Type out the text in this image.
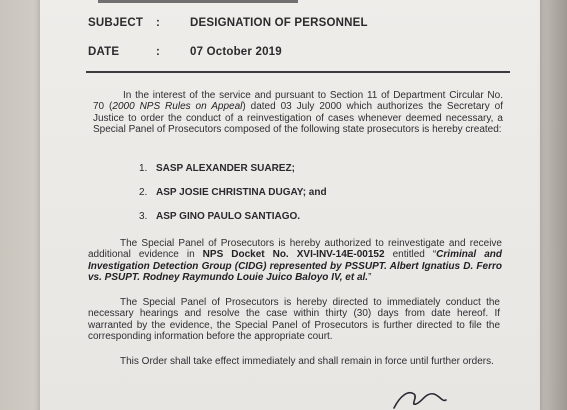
SUBJECT :	DESIGNATION OF PERSONNEL
DATE	:	07 October 2019
In the interest of the service and pursuant to Section 11 of Department Circular No. 70 (2000 NPS Rules on Appeal) dated 03 July 2000 which authorizes the Secretary of Justice to order the conduct of a reinvestigation of cases whenever deemed necessary, a Special Panel of Prosecutors composed of the following state prosecutors is hereby created:
1. SASP ALEXANDER SUAREZ;
2. ASP JOSIE CHRISTINA DUGAY; and
3. ASP GINO PAULO SANTIAGO.
The Special Panel of Prosecutors is hereby authorized to reinvestigate and receive additional evidence in NPS Docket No. XVI-INV-14E-00152 entitled “Criminal and Investigation Detection Group (CIDG) represented by PSSUPT. Albert Ignatius D. Ferro vs. PSUPT. Rodney Raymundo Louie Juico Baloyo IV, et al.”
The Special Panel of Prosecutors is hereby directed to immediately conduct the necessary hearings and resolve the case within thirty (30) days from date hereof. If warranted by the evidence, the Special Panel of Prosecutors is further directed to file the corresponding information before the appropriate court.
This Order shall take effect immediately and shall remain in force until further orders.
